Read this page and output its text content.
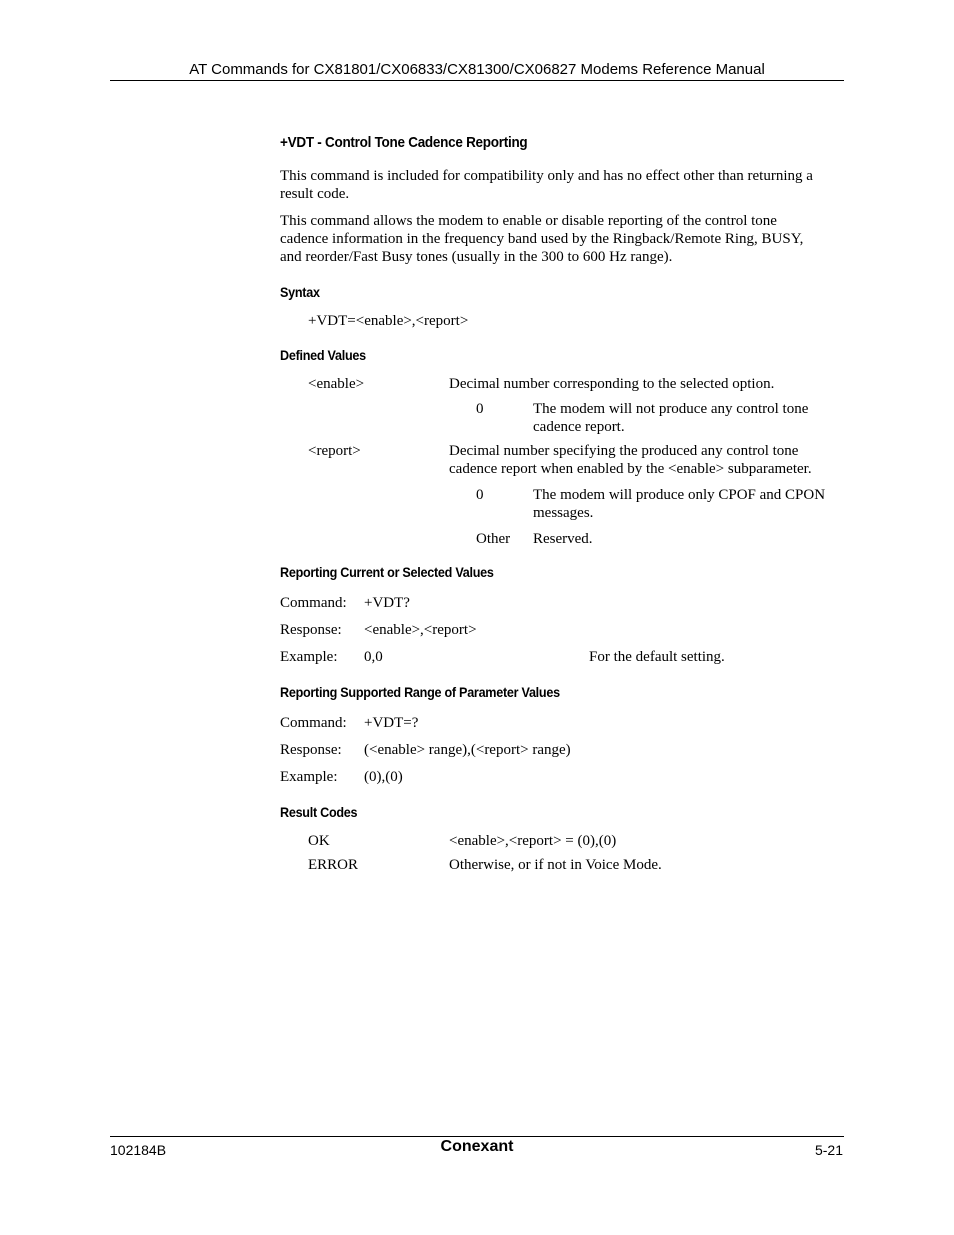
AT Commands for CX81801/CX06833/CX81300/CX06827 Modems Reference Manual
+VDT - Control Tone Cadence Reporting
This command is included for compatibility only and has no effect other than returning a
result code.
This command allows the modem to enable or disable reporting of the control tone
cadence information in the frequency band used by the Ringback/Remote Ring, BUSY,
and reorder/Fast Busy tones (usually in the 300 to 600 Hz range).
Syntax
+VDT=<enable>,<report>
Defined Values
<enable>	Decimal number corresponding to the selected option.
0	The modem will not produce any control tone
cadence report.
<report>	Decimal number specifying the produced any control tone
cadence report when enabled by the <enable> subparameter.
0	The modem will produce only CPOF and CPON
messages.
Other Reserved.
Reporting Current or Selected Values
Command: +VDT?
Response: <enable>,<report>
Example: 0,0	For the default setting.
Reporting Supported Range of Parameter Values
Command: +VDT=?
Response: (<enable> range),(<report> range)
Example: (0),(0)
Result Codes
OK	<enable>,<report> = (0),(0)
ERROR	Otherwise, or if not in Voice Mode.
102184B	Conexant	5-21
